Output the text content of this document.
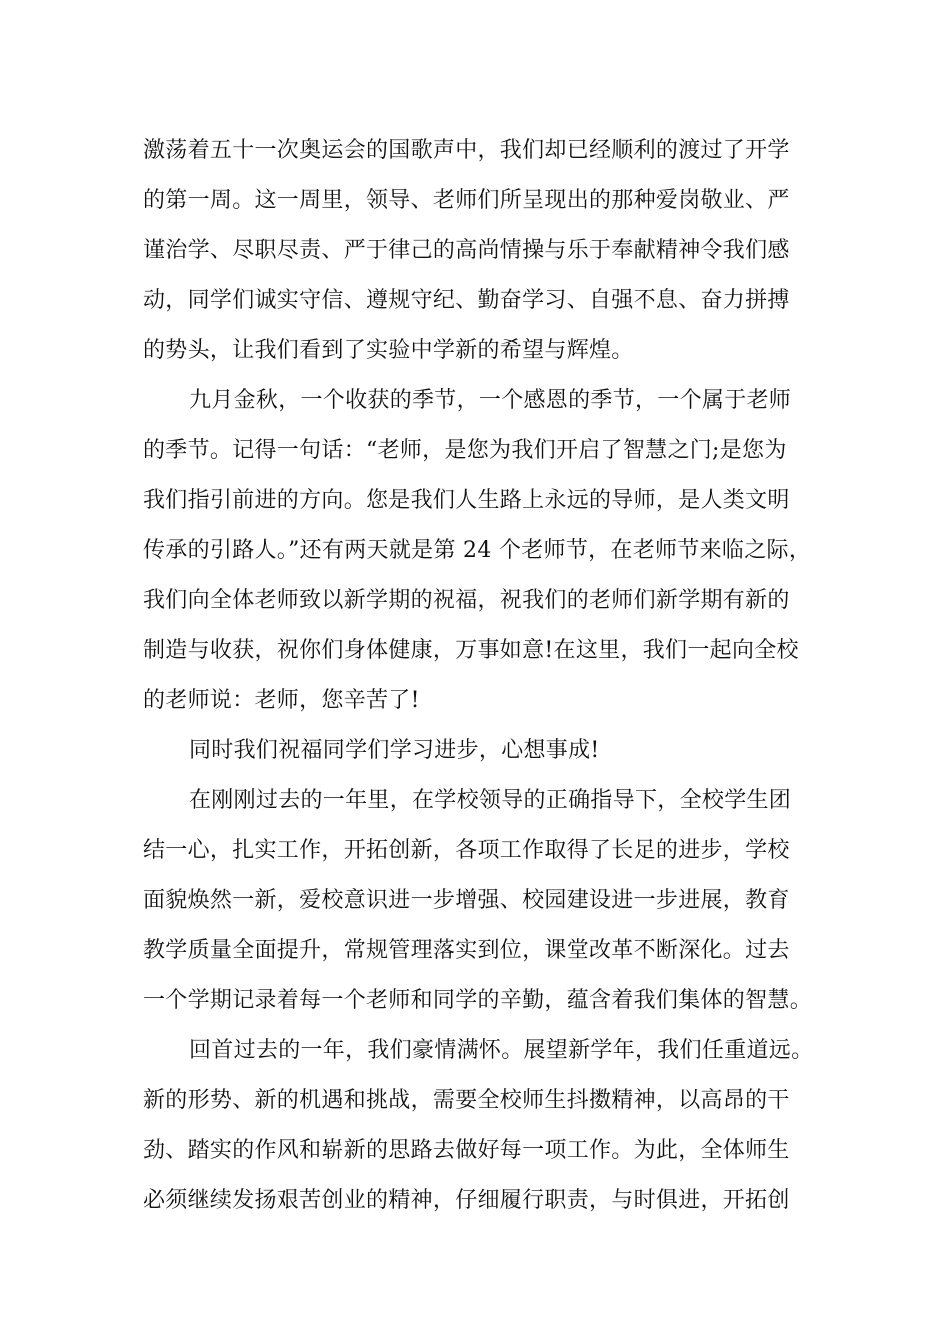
激荡着五十一次奥运会的国歌声中，我们却已经顺利的渡过了开学
的第一周。这一周里，领导、老师们所呈现出的那种爱岗敬业、严
谨治学、尽职尽责、严于律己的高尚情操与乐于奉献精神令我们感
动，同学们诚实守信、遵规守纪、勤奋学习、自强不息、奋力拼搏
的势头，让我们看到了实验中学新的希望与辉煌。
九月金秋，一个收获的季节，一个感恩的季节，一个属于老师
的季节。记得一句话：“老师，是您为我们开启了智慧之门;是您为
我们指引前进的方向。您是我们人生路上永远的导师，是人类文明
传承的引路人。”还有两天就是第 24 个老师节，在老师节来临之际，
我们向全体老师致以新学期的祝福，祝我们的老师们新学期有新的
制造与收获，祝你们身体健康，万事如意!在这里，我们一起向全校
的老师说：老师，您辛苦了!
同时我们祝福同学们学习进步，心想事成!
在刚刚过去的一年里，在学校领导的正确指导下，全校学生团
结一心，扎实工作，开拓创新，各项工作取得了长足的进步，学校
面貌焕然一新，爱校意识进一步增强、校园建设进一步进展，教育
教学质量全面提升，常规管理落实到位，课堂改革不断深化。过去
一个学期记录着每一个老师和同学的辛勤，蕴含着我们集体的智慧。
回首过去的一年，我们豪情满怀。展望新学年，我们任重道远。
新的形势、新的机遇和挑战，需要全校师生抖擞精神，以高昂的干
劲、踏实的作风和崭新的思路去做好每一项工作。为此，全体师生
必须继续发扬艰苦创业的精神，仔细履行职责，与时俱进，开拓创
